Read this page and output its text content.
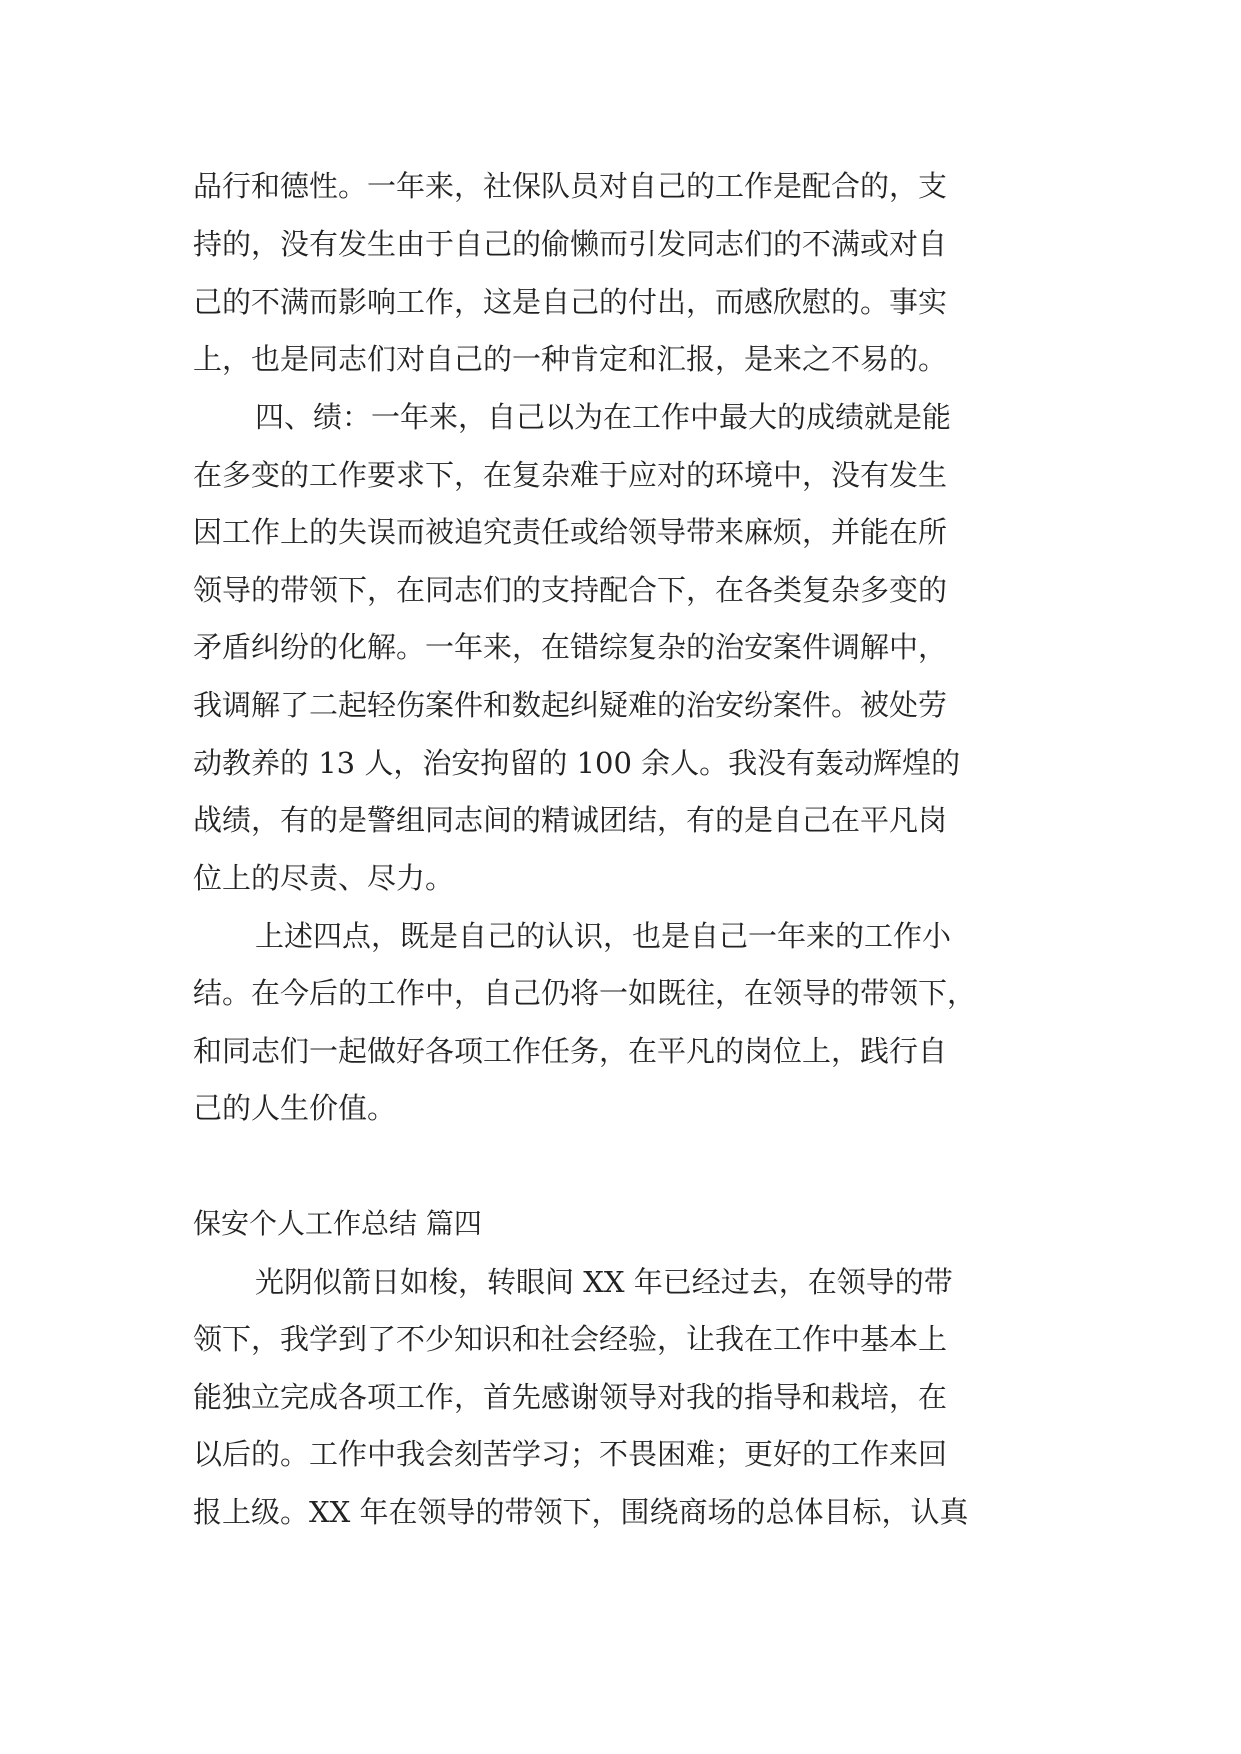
品行和德性。一年来，社保队员对自己的工作是配合的，支
持的，没有发生由于自己的偷懒而引发同志们的不满或对自
己的不满而影响工作，这是自己的付出，而感欣慰的。事实
上，也是同志们对自己的一种肯定和汇报，是来之不易的。
四、绩：一年来，自己以为在工作中最大的成绩就是能
在多变的工作要求下，在复杂难于应对的环境中，没有发生
因工作上的失误而被追究责任或给领导带来麻烦，并能在所
领导的带领下，在同志们的支持配合下，在各类复杂多变的
矛盾纠纷的化解。一年来，在错综复杂的治安案件调解中，
我调解了二起轻伤案件和数起纠疑难的治安纷案件。被处劳
动教养的 13 人，治安拘留的 100 余人。我没有轰动辉煌的
战绩，有的是警组同志间的精诚团结，有的是自己在平凡岗
位上的尽责、尽力。
上述四点，既是自己的认识，也是自己一年来的工作小
结。在今后的工作中，自己仍将一如既往，在领导的带领下，
和同志们一起做好各项工作任务，在平凡的岗位上，践行自
己的人生价值。
保安个人工作总结 篇四
光阴似箭日如梭，转眼间 XX 年已经过去，在领导的带
领下，我学到了不少知识和社会经验，让我在工作中基本上
能独立完成各项工作，首先感谢领导对我的指导和栽培，在
以后的。工作中我会刻苦学习；不畏困难；更好的工作来回
报上级。XX 年在领导的带领下，围绕商场的总体目标，认真
